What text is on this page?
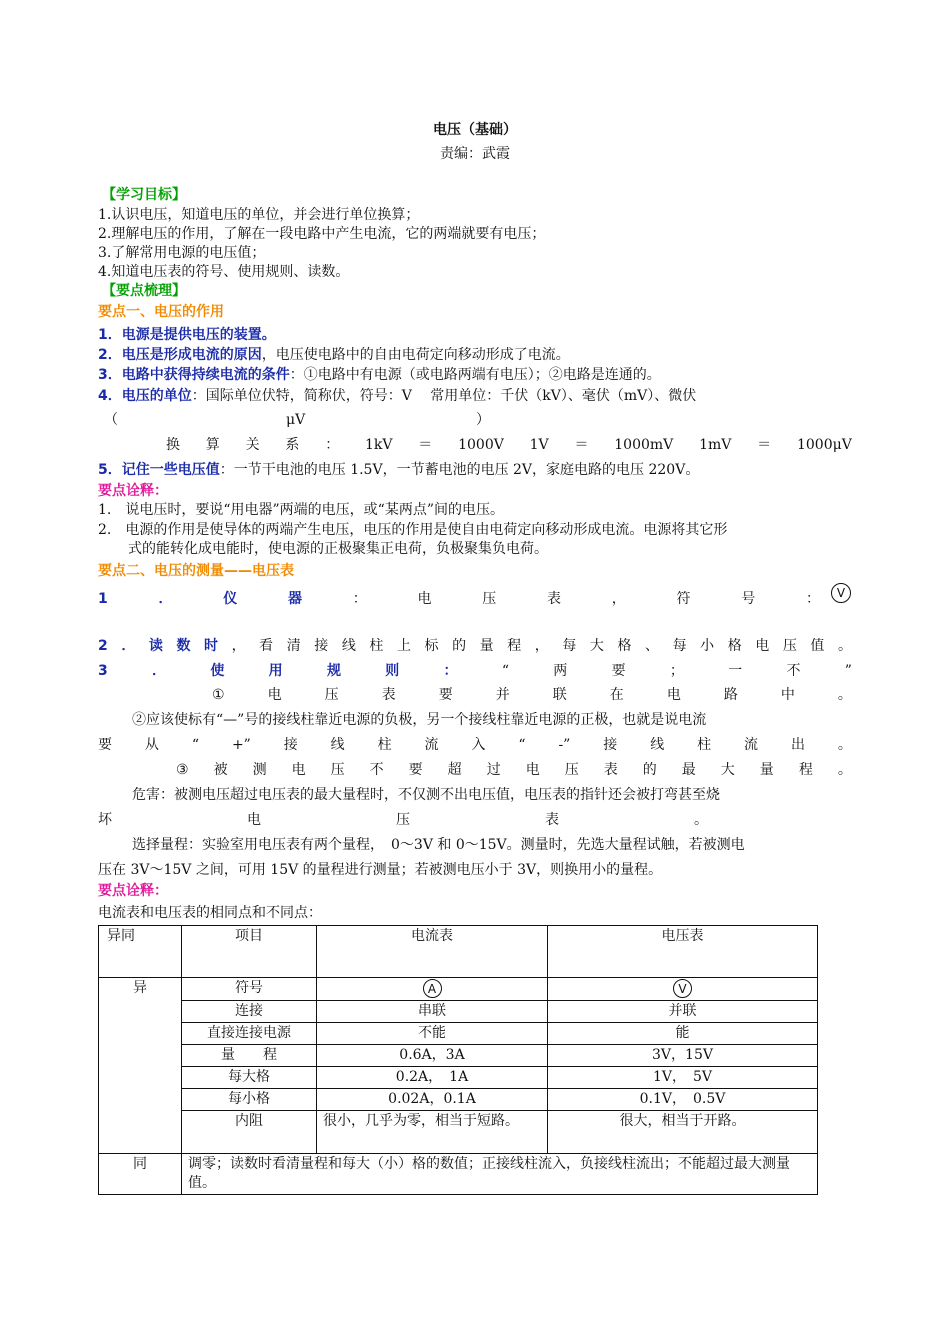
电压（基础）
责编：武霞
【学习目标】
1.认识电压，知道电压的单位，并会进行单位换算；
2.理解电压的作用，了解在一段电路中产生电流，它的两端就要有电压；
3.了解常用电源的电压值；
4.知道电压表的符号、使用规则、读数。
【要点梳理】
要点一、电压的作用
1．电源是提供电压的装置。
2．电压是形成电流的原因，电压使电路中的自由电荷定向移动形成了电流。
3．电路中获得持续电流的条件：①电路中有电源（或电路两端有电压）；②电路是连通的。
4．电压的单位：国际单位伏特，简称伏，符号：V　 常用单位：千伏（kV）、毫伏（mV）、微伏
（	μV	）
换 算 关 系 ： 1kV ＝ 1000V 1V ＝ 1000mV 1mV ＝ 1000μV
5．记住一些电压值：一节干电池的电压 1.5V，一节蓄电池的电压 2V，家庭电路的电压 220V。
要点诠释：
1. 说电压时，要说“用电器”两端的电压，或“某两点”间的电压。
2. 电源的作用是使导体的两端产生电压，电压的作用是使自由电荷定向移动形成电流。电源将其它形
式的能转化成电能时，使电源的正极聚集正电荷，负极聚集负电荷。
要点二、电压的测量——电压表
1	．	仪	器	：	电	压	表	，	符	号	：	V
2 ． 读 数 时 ， 看 清 接 线 柱 上 标 的 量 程 ， 每 大 格 、 每 小 格 电 压 值 。
3	．	使	用	规	则	：	“	两	要	；	一	不	”
①	电	压	表	要	并	联	在	电	路	中	。
②应该使标有“—”号的接线柱靠近电源的负极，另一个接线柱靠近电源的正极，也就是说电流
要 从 “ +” 接 线 柱 流 入 “ -” 接 线 柱 流 出 。
③ 被 测 电 压 不 要 超 过 电 压 表 的 最 大 量 程 。
危害：被测电压超过电压表的最大量程时，不仅测不出电压值，电压表的指针还会被打弯甚至烧
坏	电	压	表	。
选择量程：实验室用电压表有两个量程，　0～3V 和 0～15V。测量时，先选大量程试触，若被测电
压在 3V～15V 之间，可用 15V 的量程进行测量；若被测电压小于 3V，则换用小的量程。
要点诠释：
电流表和电压表的相同点和不同点：
异同	项目	电流表	电压表
异	符号	A	V
	连接	串联	并联
	直接连接电源	不能	能
	量　　程	0.6A，3A	3V，15V
	每大格	0.2A，　1A	1V，　5V
	每小格	0.02A，0.1A	0.1V，　0.5V
	内阻	很小，几乎为零，相当于短路。	很大，相当于开路。
同	调零；读数时看清量程和每大（小）格的数值；正接线柱流入，负接线柱流出；不能超过最大测量值。		
